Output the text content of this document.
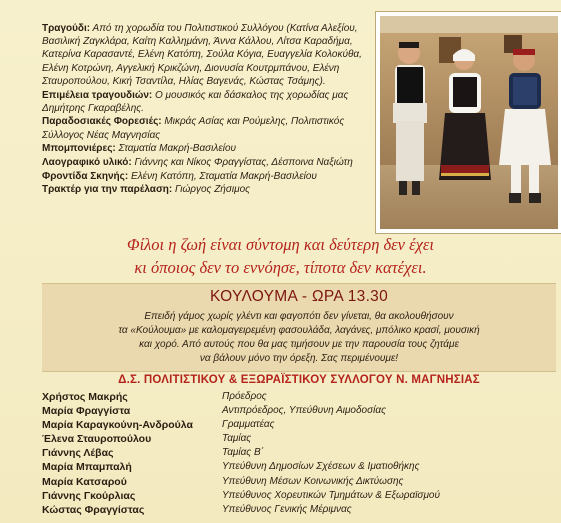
Τραγούδι: Από τη χορωδία του Πολιτιστικού Συλλόγου (Κατίνα Αλεξίου, Βασιλική Ζαγκλάρα, Καίτη Καλλημάνη, Άννα Κάλλου, Λίτσα Καραδήμα, Κατερίνα Καρασαντέ, Ελένη Κατόπη, Σούλα Κόγια, Ευαγγελία Κολοκύθα, Ελένη Κοτρώνη, Αγγελική Κρικζώνη, Διονυσία Κουτρμπάνου, Ελένη Σταυροπούλου, Κική Τσαντίλα, Ηλίας Βαγενάς, Κώστας Τσάμης).

Επιμέλεια τραγουδιών: Ο μουσικός και δάσκαλος της χορωδίας μας Δημήτρης Γκαραβέλης.

Παραδοσιακές Φορεσιές: Μικράς Ασίας και Ρούμελης, Πολιτιστικός Σύλλογος Νέας Μαγνησίας

Μπομπονιέρες: Σταματία Μακρή-Βασιλείου

Λαογραφικό υλικό: Γιάννης και Νίκος Φραγγίστας, Δέσποινα Ναξιώτη

Φροντίδα Σκηνής: Ελένη Κατόπη, Σταματία Μακρή-Βασιλείου

Τρακτέρ για την παρέλαση: Γιώργος Ζήσιμος

Φίλοι η ζωή είναι σύντομη και δεύτερη δεν έχει
κι όποιος δεν το εννόησε, τίποτα δεν κατέχει.
ΚΟΥΛΟΥΜΑ - ΩΡΑ 13.30
Επειδή γάμος χωρίς γλέντι και φαγοπότι δεν γίνεται, θα ακολουθήσουν
τα «Κούλουμα» με καλομαγειρεμένη φασουλάδα, λαγάνες, μπόλικο κρασί, μουσική
και χορό. Από αυτούς που θα μας τιμήσουν με την παρουσία τους ζητάμε
να βάλουν μόνο την όρεξη. Σας περιμένουμε!
Δ.Σ. ΠΟΛΙΤΙΣΤΙΚΟΥ & ΕΞΩΡΑΪΣΤΙΚΟΥ ΣΥΛΛΟΓΟΥ Ν. ΜΑΓΝΗΣΙΑΣ
Χρήστος Μακρής	Πρόεδρος
Μαρία Φραγγίστα	Αντιπρόεδρος, Υπεύθυνη Αιμοδοσίας
Μαρία Καραγκούνη-Ανδρούλα	Γραμματέας
Έλενα Σταυροπούλου	Ταμίας
Γιάννης Λέβας	Ταμίας Β΄
Μαρία Μπαμπαλή	Υπεύθυνη Δημοσίων Σχέσεων & Ιματιοθήκης
Μαρία Κατσαρού	Υπεύθυνη Μέσων Κοινωνικής Δικτύωσης
Γιάννης Γκούρλιας	Υπεύθυνος Χορευτικών Τμημάτων & Εξωραϊσμού
Κώστας Φραγγίστας	Υπεύθυνος Γενικής Μέριμνας
